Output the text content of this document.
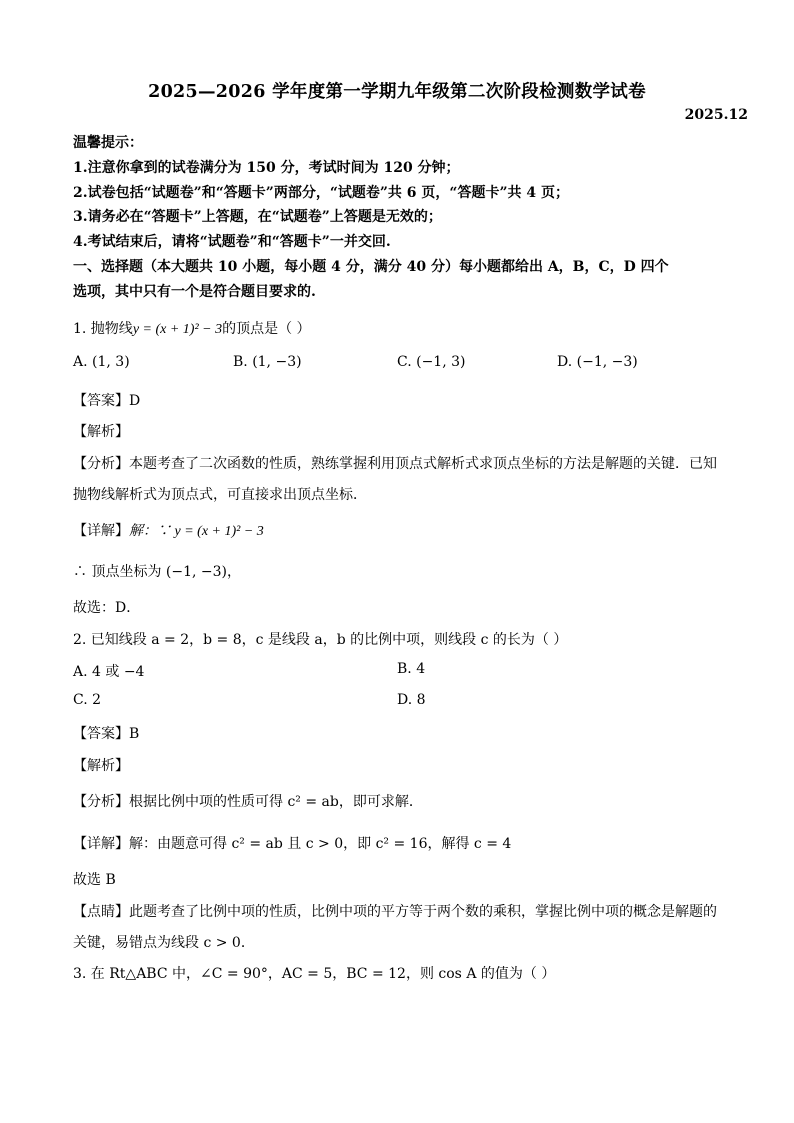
2025—2026 学年度第一学期九年级第二次阶段检测数学试卷
2025.12
温馨提示：
1.注意你拿到的试卷满分为 150 分，考试时间为 120 分钟；
2.试卷包括“试题卷”和“答题卡”两部分，“试题卷”共 6 页，“答题卡”共 4 页；
3.请务必在“答题卡”上答题，在“试题卷”上答题是无效的；
4.考试结束后，请将“试题卷”和“答题卡”一并交回.
一、选择题（本大题共 10 小题，每小题 4 分，满分 40 分）每小题都给出 A，B，C，D 四个
选项，其中只有一个是符合题目要求的.
1. 抛物线y = (x + 1)² − 3的顶点是（ ）
A. (1, 3)	B. (1, −3)	C. (−1, 3)	D. (−1, −3)
【答案】D
【解析】
【分析】本题考查了二次函数的性质，熟练掌握利用顶点式解析式求顶点坐标的方法是解题的关键．已知
抛物线解析式为顶点式，可直接求出顶点坐标．
【详解】解：∵ y = (x + 1)² − 3
∴ 顶点坐标为 (−1, −3)，
故选：D．
2. 已知线段 a = 2，b = 8，c 是线段 a，b 的比例中项，则线段 c 的长为（ ）
A. 4 或 −4	B. 4
C. 2	D. 8
【答案】B
【解析】
【分析】根据比例中项的性质可得 c² = ab，即可求解．
【详解】解：由题意可得 c² = ab 且 c > 0，即 c² = 16，解得 c = 4
故选 B
【点睛】此题考查了比例中项的性质，比例中项的平方等于两个数的乘积，掌握比例中项的概念是解题的
关键，易错点为线段 c > 0．
3. 在 Rt△ABC 中，∠C = 90°，AC = 5，BC = 12，则 cos A 的值为（ ）
